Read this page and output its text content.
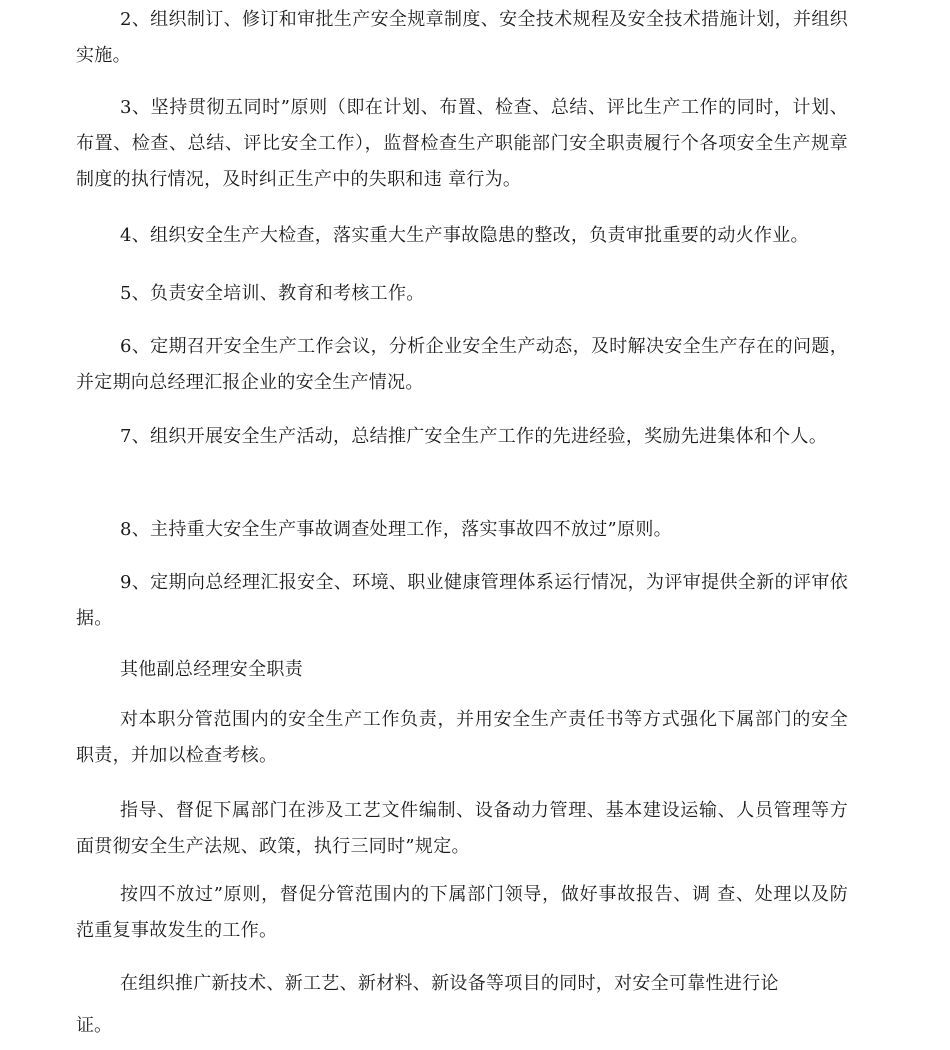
2、组织制订、修订和审批生产安全规章制度、安全技术规程及安全技术措施计划，并组织实施。

3、坚持贯彻五同时”原则（即在计划、布置、检查、总结、评比生产工作的同时，计划、布置、检查、总结、评比安全工作），监督检查生产职能部门安全职责履行个各项安全生产规章制度的执行情况，及时纠正生产中的失职和违 章行为。

4、组织安全生产大检查，落实重大生产事故隐患的整改，负责审批重要的动火作业。

5、负责安全培训、教育和考核工作。

6、定期召开安全生产工作会议，分析企业安全生产动态，及时解决安全生产存在的问题，并定期向总经理汇报企业的安全生产情况。

7、组织开展安全生产活动，总结推广安全生产工作的先进经验，奖励先进集体和个人。

8、主持重大安全生产事故调查处理工作，落实事故四不放过”原则。

9、定期向总经理汇报安全、环境、职业健康管理体系运行情况，为评审提供全新的评审依据。

其他副总经理安全职责

对本职分管范围内的安全生产工作负责，并用安全生产责任书等方式强化下属部门的安全职责，并加以检查考核。

指导、督促下属部门在涉及工艺文件编制、设备动力管理、基本建设运输、人员管理等方面贯彻安全生产法规、政策，执行三同时”规定。

按四不放过”原则，督促分管范围内的下属部门领导，做好事故报告、调 查、处理以及防范重复事故发生的工作。

在组织推广新技术、新工艺、新材料、新设备等项目的同时，对安全可靠性进行论

证。
